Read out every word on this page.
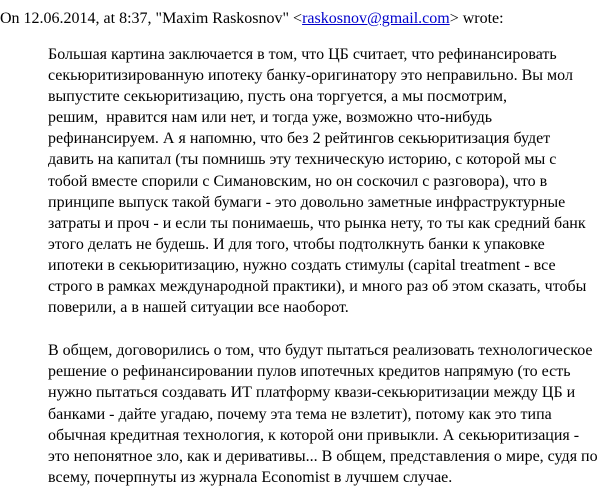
On 12.06.2014, at 8:37, "Maxim Raskosnov" <raskosnov@gmail.com> wrote:

Большая картина заключается в том, что ЦБ считает, что рефинансировать
секьюритизированную ипотеку банку-оригинатору это неправильно. Вы мол
выпустите секьюритизацию, пусть она торгуется, а мы посмотрим,
решим,  нравится нам или нет, и тогда уже, возможно что-нибудь
рефинансируем. А я напомню, что без 2 рейтингов секьюритизация будет
давить на капитал (ты помнишь эту техническую историю, с которой мы с
тобой вместе спорили с Симановским, но он соскочил с разговора), что в
принципе выпуск такой бумаги - это довольно заметные инфраструктурные
затраты и проч - и если ты понимаешь, что рынка нету, то ты как средний банк
этого делать не будешь. И для того, чтобы подтолкнуть банки к упаковке
ипотеки в секьюритизацию, нужно создать стимулы (capital treatment - все
строго в рамках международной практики), и много раз об этом сказать, чтобы
поверили, а в нашей ситуации все наоборот.

В общем, договорились о том, что будут пытаться реализовать технологическое
решение о рефинансировании пулов ипотечных кредитов напрямую (то есть
нужно пытаться создавать ИТ платформу квази-секьюритизации между ЦБ и
банками - дайте угадаю, почему эта тема не взлетит), потому как это типа
обычная кредитная технология, к которой они привыкли. А секьюритизация -
это непонятное зло, как и деривативы... В общем, представления о мире, судя по
всему, почерпнуты из журнала Economist в лучшем случае.
